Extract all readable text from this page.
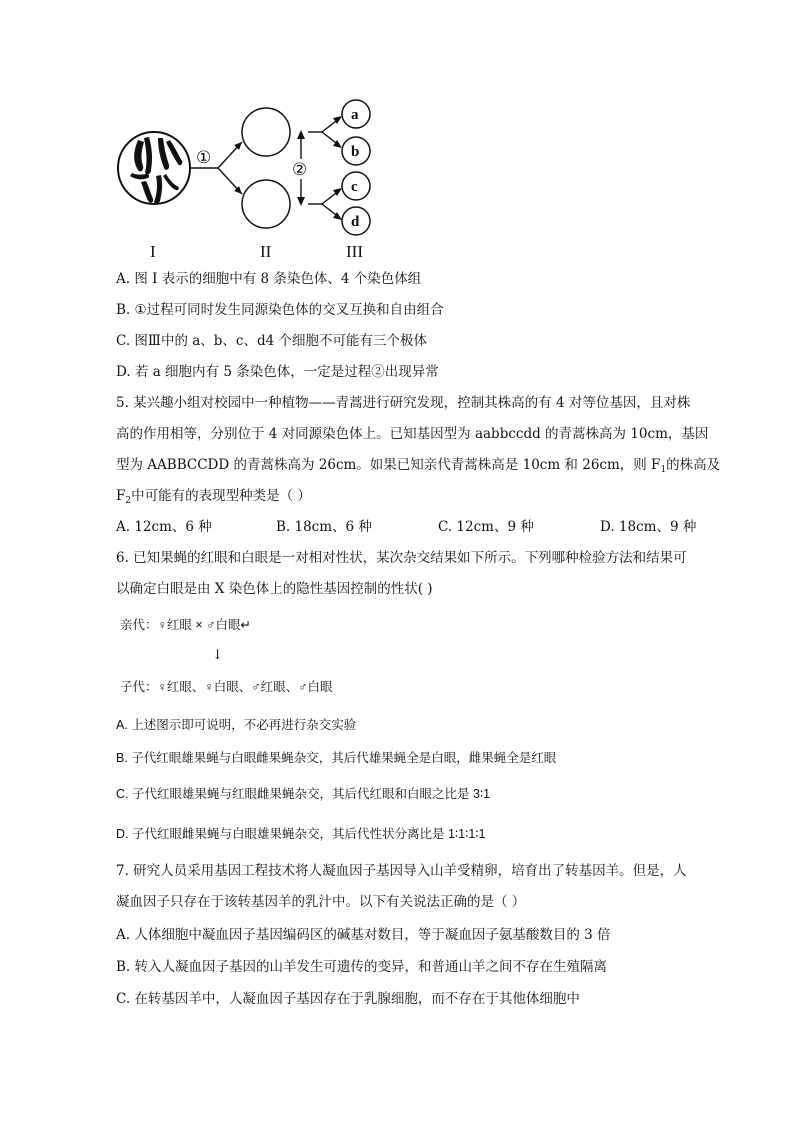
①
②
a
b
c
d
I	II	III
A. 图 I 表示的细胞中有 8 条染色体、4 个染色体组
B. ①过程可同时发生同源染色体的交叉互换和自由组合
C. 图Ⅲ中的 a、b、c、d4 个细胞不可能有三个极体
D. 若 a 细胞内有 5 条染色体，一定是过程②出现异常
5. 某兴趣小组对校园中一种植物——青蒿进行研究发现，控制其株高的有 4 对等位基因，且对株
高的作用相等，分别位于 4 对同源染色体上。已知基因型为 aabbccdd 的青蒿株高为 10cm，基因
型为 AABBCCDD 的青蒿株高为 26cm。如果已知亲代青蒿株高是 10cm 和 26cm，则 $F_1$的株高及
$F_2$中可能有的表现型种类是（ ）
A. 12cm、6 种	B. 18cm、6 种	C. 12cm、9 种	D. 18cm、9 种
6. 已知果蝇的红眼和白眼是一对相对性状，某次杂交结果如下所示。下列哪种检验方法和结果可
以确定白眼是由 X 染色体上的隐性基因控制的性状( )
亲代：♀红眼 × ♂白眼↵
↓
子代：♀红眼、♀白眼、♂红眼、♂白眼
A. 上述图示即可说明，不必再进行杂交实验
B. 子代红眼雄果蝇与白眼雌果蝇杂交，其后代雄果蝇全是白眼，雌果蝇全是红眼
C. 子代红眼雄果蝇与红眼雌果蝇杂交，其后代红眼和白眼之比是 3∶1
D. 子代红眼雌果蝇与白眼雄果蝇杂交，其后代性状分离比是 1∶1∶1∶1
7. 研究人员采用基因工程技术将人凝血因子基因导入山羊受精卵，培育出了转基因羊。但是，人
凝血因子只存在于该转基因羊的乳汁中。以下有关说法正确的是（ ）
A. 人体细胞中凝血因子基因编码区的碱基对数目，等于凝血因子氨基酸数目的 3 倍
B. 转入人凝血因子基因的山羊发生可遗传的变异，和普通山羊之间不存在生殖隔离
C. 在转基因羊中，人凝血因子基因存在于乳腺细胞，而不存在于其他体细胞中
